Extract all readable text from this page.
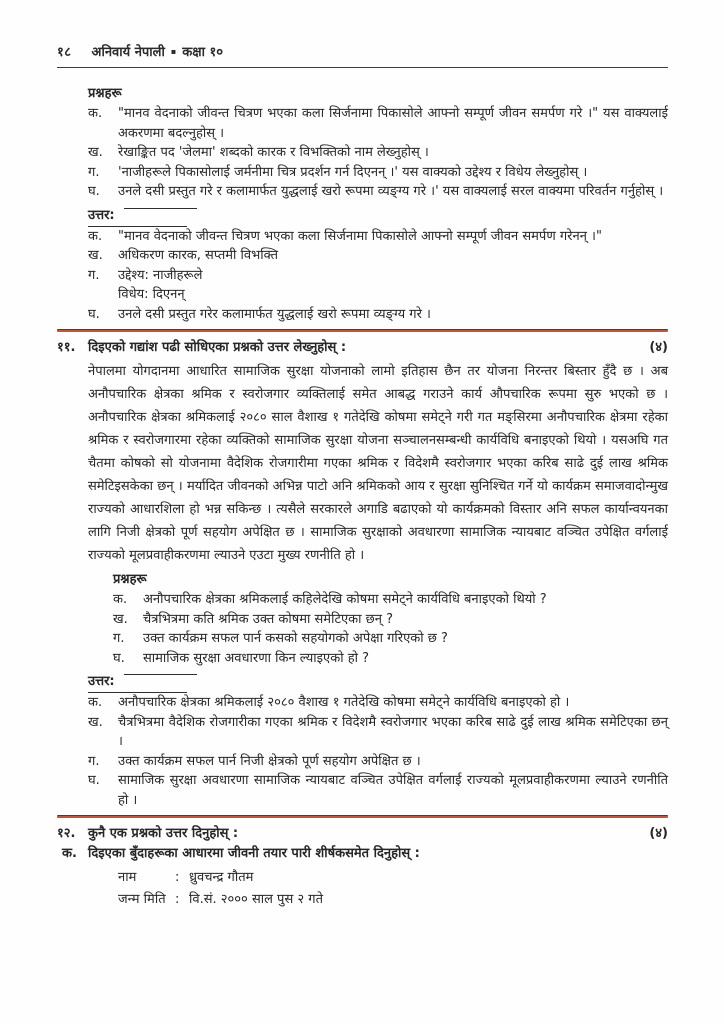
१८ अनिवार्य नेपाली ▪ कक्षा १०
प्रश्नहरू
क.	"मानव वेदनाको जीवन्त चित्रण भएका कला सिर्जनामा पिकासोले आफ्नो सम्पूर्ण जीवन समर्पण गरे ।" यस वाक्यलाई अकरणमा बदल्नुहोस् ।
ख.	रेखाङ्कित पद 'जेलमा' शब्दको कारक र विभक्तिको नाम लेख्नुहोस् ।
ग.	'नाजीहरूले पिकासोलाई जर्मनीमा चित्र प्रदर्शन गर्न दिएनन् ।' यस वाक्यको उद्देश्य र विधेय लेख्नुहोस् ।
घ.	उनले दसी प्रस्तुत गरे र कलामार्फत युद्धलाई खरो रूपमा व्यङ्ग्य गरे ।' यस वाक्यलाई सरल वाक्यमा परिवर्तन गर्नुहोस् ।
उत्तर:
क.	"मानव वेदनाको जीवन्त चित्रण भएका कला सिर्जनामा पिकासोले आफ्नो सम्पूर्ण जीवन समर्पण गरेनन् ।"
ख.	अधिकरण कारक, सप्तमी विभक्ति
ग.	उद्देश्य: नाजीहरूले
विधेय: दिएनन्
घ.	उनले दसी प्रस्तुत गरेर कलामार्फत युद्धलाई खरो रूपमा व्यङ्ग्य गरे ।
११. दिइएको गद्यांश पढी सोधिएका प्रश्नको उत्तर लेख्नुहोस् :	(४)
नेपालमा योगदानमा आधारित सामाजिक सुरक्षा योजनाको लामो इतिहास छैन तर योजना निरन्तर बिस्तार हुँदै छ । अब अनौपचारिक क्षेत्रका श्रमिक र स्वरोजगार व्यक्तिलाई समेत आबद्ध गराउने कार्य औपचारिक रूपमा सुरु भएको छ । अनौपचारिक क्षेत्रका श्रमिकलाई २०८० साल वैशाख १ गतेदेखि कोषमा समेट्ने गरी गत मङ्सिरमा अनौपचारिक क्षेत्रमा रहेका श्रमिक र स्वरोजगारमा रहेका व्यक्तिको सामाजिक सुरक्षा योजना सञ्चालनसम्बन्धी कार्यविधि बनाइएको थियो । यसअघि गत चैतमा कोषको सो योजनामा वैदेशिक रोजगारीमा गएका श्रमिक र विदेशमै स्वरोजगार भएका करिब साढे दुई लाख श्रमिक समेटिइसकेका छन् । मर्यादित जीवनको अभिन्न पाटो अनि श्रमिकको आय र सुरक्षा सुनिश्चित गर्ने यो कार्यक्रम समाजवादोन्मुख राज्यको आधारशिला हो भन्न सकिन्छ । त्यसैले सरकारले अगाडि बढाएको यो कार्यक्रमको विस्तार अनि सफल कार्यान्वयनका लागि निजी क्षेत्रको पूर्ण सहयोग अपेक्षित छ । सामाजिक सुरक्षाको अवधारणा सामाजिक न्यायबाट वञ्चित उपेक्षित वर्गलाई राज्यको मूलप्रवाहीकरणमा ल्याउने एउटा मुख्य रणनीति हो ।
प्रश्नहरू
क.	अनौपचारिक क्षेत्रका श्रमिकलाई कहिलेदेखि कोषमा समेट्ने कार्यविधि बनाइएको थियो ?
ख.	चैत्रभित्रमा कति श्रमिक उक्त कोषमा समेटिएका छन् ?
ग.	उक्त कार्यक्रम सफल पार्न कसको सहयोगको अपेक्षा गरिएको छ ?
घ.	सामाजिक सुरक्षा अवधारणा किन ल्याइएको हो ?
उत्तर:
क.	अनौपचारिक क्षेत्रका श्रमिकलाई २०८० वैशाख १ गतेदेखि कोषमा समेट्ने कार्यविधि बनाइएको हो ।
ख.	चैत्रभित्रमा वैदेशिक रोजगारीका गएका श्रमिक र विदेशमै स्वरोजगार भएका करिब साढे दुई लाख श्रमिक समेटिएका छन् ।
ग.	उक्त कार्यक्रम सफल पार्न निजी क्षेत्रको पूर्ण सहयोग अपेक्षित छ ।
घ.	सामाजिक सुरक्षा अवधारणा सामाजिक न्यायबाट वञ्चित उपेक्षित वर्गलाई राज्यको मूलप्रवाहीकरणमा ल्याउने रणनीति हो ।
१२. कुनै एक प्रश्नको उत्तर दिनुहोस् :	(४)
क. दिइएका बुँदाहरूका आधारमा जीवनी तयार पारी शीर्षकसमेत दिनुहोस् :
नाम	: ध्रुवचन्द्र गौतम
जन्म मिति : वि.सं. २००० साल पुस २ गते
